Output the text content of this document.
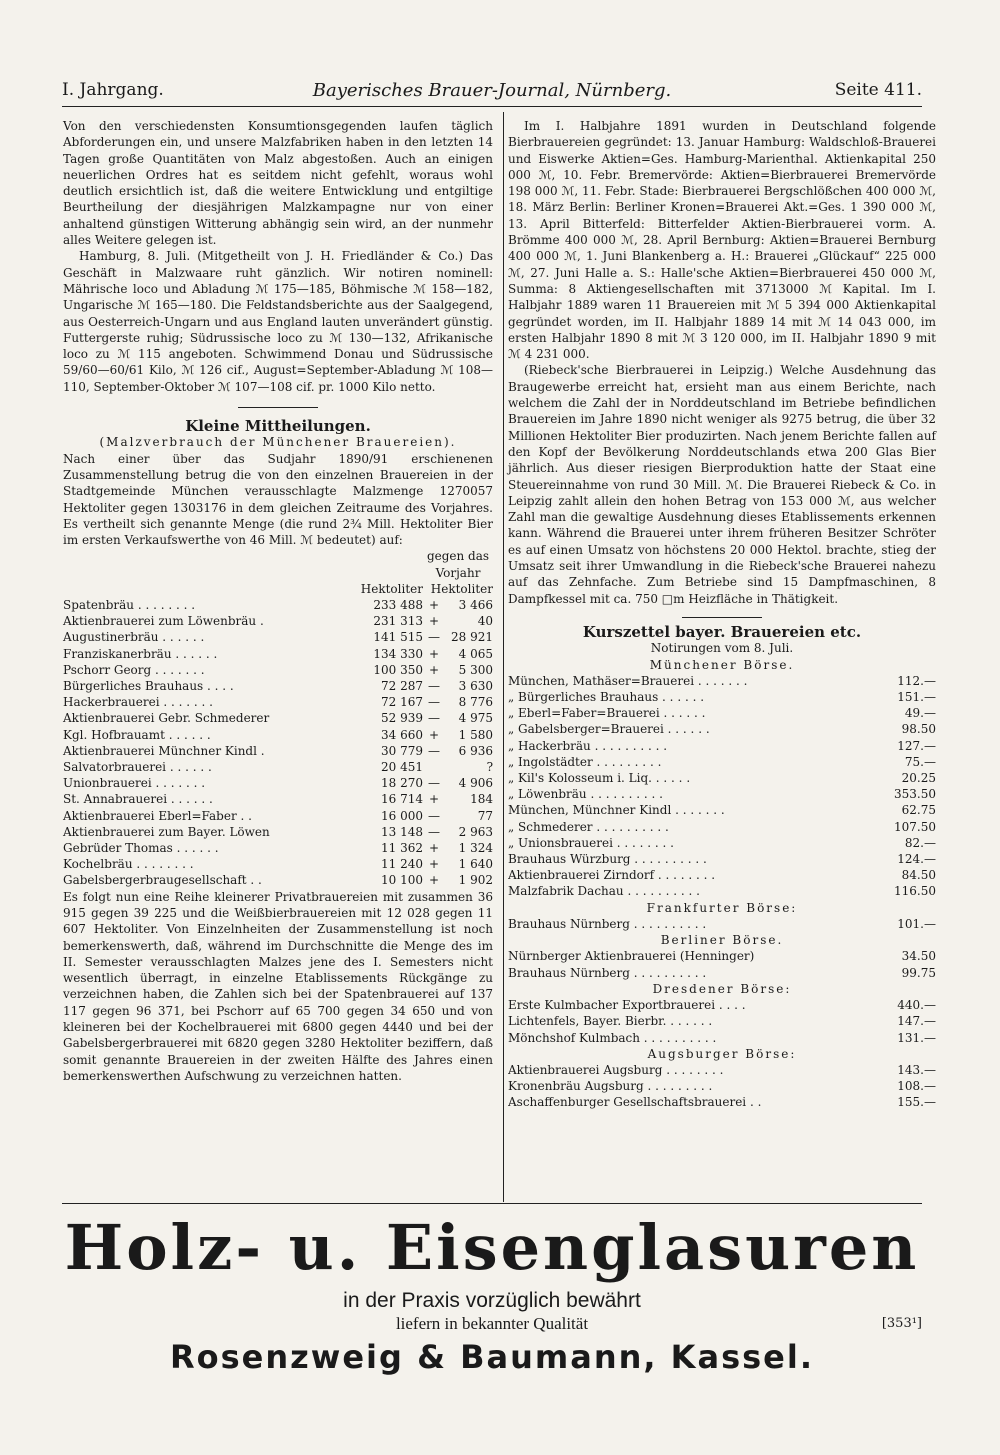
I. Jahrgang.	Bayerisches Brauer-Journal, Nürnberg.	Seite 411.

Von den verschiedensten Konsumtionsgegenden laufen täglich Abforderungen ein, und unsere Malzfabriken haben in den letzten 14 Tagen große Quantitäten von Malz abgestoßen. Auch an einigen neuerlichen Ordres hat es seitdem nicht gefehlt, woraus wohl deutlich ersichtlich ist, daß die weitere Entwicklung und entgiltige Beurtheilung der diesjährigen Malzkampagne nur von einer anhaltend günstigen Witterung abhängig sein wird, an der nunmehr alles Weitere gelegen ist.

Hamburg, 8. Juli. (Mitgetheilt von J. H. Friedländer & Co.) Das Geschäft in Malzwaare ruht gänzlich. Wir notiren nominell: Mährische loco und Abladung ℳ 175—185, Böhmische ℳ 158—182, Ungarische ℳ 165—180. Die Feldstandsberichte aus der Saalgegend, aus Oesterreich-Ungarn und aus England lauten unverändert günstig. Futtergerste ruhig; Südrussische loco zu ℳ 130—132, Afrikanische loco zu ℳ 115 angeboten. Schwimmend Donau und Südrussische 59/60—60/61 Kilo, ℳ 126 cif., August=September-Abladung ℳ 108—110, September-Oktober ℳ 107—108 cif. pr. 1000 Kilo netto.

Kleine Mittheilungen.

(Malzverbrauch der Münchener Brauereien).

Nach einer über das Sudjahr 1890/91 erschienenen Zusammenstellung betrug die von den einzelnen Brauereien in der Stadtgemeinde München verausschlagte Malzmenge 1270057 Hektoliter gegen 1303176 in dem gleichen Zeitraume des Vorjahres. Es vertheilt sich genannte Menge (die rund 2¾ Mill. Hektoliter Bier im ersten Verkaufswerthe von 46 Mill. ℳ bedeutet) auf:

		gegen das Vorjahr	
	Hektoliter	Hektoliter	
Spatenbräu . . . . . . . .	233 488	+	3 466
Aktienbrauerei zum Löwenbräu .	231 313	+	40
Augustinerbräu . . . . . .	141 515	—	28 921
Franziskanerbräu . . . . . .	134 330	+	4 065
Pschorr Georg . . . . . . .	100 350	+	5 300
Bürgerliches Brauhaus . . . .	72 287	—	3 630
Hackerbrauerei . . . . . . .	72 167	—	8 776
Aktienbrauerei Gebr. Schmederer	52 939	—	4 975
Kgl. Hofbrauamt . . . . . .	34 660	+	1 580
Aktienbrauerei Münchner Kindl .	30 779	—	6 936
Salvatorbrauerei . . . . . .	20 451		?
Unionbrauerei . . . . . . .	18 270	—	4 906
St. Annabrauerei . . . . . .	16 714	+	184
Aktienbrauerei Eberl=Faber . .	16 000	—	77
Aktienbrauerei zum Bayer. Löwen	13 148	—	2 963
Gebrüder Thomas . . . . . .	11 362	+	1 324
Kochelbräu . . . . . . . .	11 240	+	1 640
Gabelsbergerbraugesellschaft . .	10 100	+	1 902

Es folgt nun eine Reihe kleinerer Privatbrauereien mit zusammen 36 915 gegen 39 225 und die Weißbierbrauereien mit 12 028 gegen 11 607 Hektoliter. Von Einzelnheiten der Zusammenstellung ist noch bemerkenswerth, daß, während im Durchschnitte die Menge des im II. Semester verausschlagten Malzes jene des I. Semesters nicht wesentlich überragt, in einzelne Etablissements Rückgänge zu verzeichnen haben, die Zahlen sich bei der Spatenbrauerei auf 137 117 gegen 96 371, bei Pschorr auf 65 700 gegen 34 650 und von kleineren bei der Kochelbrauerei mit 6800 gegen 4440 und bei der Gabelsbergerbrauerei mit 6820 gegen 3280 Hektoliter beziffern, daß somit genannte Brauereien in der zweiten Hälfte des Jahres einen bemerkenswerthen Aufschwung zu verzeichnen hatten.

Im I. Halbjahre 1891 wurden in Deutschland folgende Bierbrauereien gegründet: 13. Januar Hamburg: Waldschloß-Brauerei und Eiswerke Aktien=Ges. Hamburg-Marienthal. Aktienkapital 250 000 ℳ, 10. Febr. Bremervörde: Aktien=Bierbrauerei Bremervörde 198 000 ℳ, 11. Febr. Stade: Bierbrauerei Bergschlößchen 400 000 ℳ, 18. März Berlin: Berliner Kronen=Brauerei Akt.=Ges. 1 390 000 ℳ, 13. April Bitterfeld: Bitterfelder Aktien-Bierbrauerei vorm. A. Brömme 400 000 ℳ, 28. April Bernburg: Aktien=Brauerei Bernburg 400 000 ℳ, 1. Juni Blankenberg a. H.: Brauerei „Glückauf“ 225 000 ℳ, 27. Juni Halle a. S.: Halle'sche Aktien=Bierbrauerei 450 000 ℳ, Summa: 8 Aktiengesellschaften mit 3713000 ℳ Kapital. Im I. Halbjahr 1889 waren 11 Brauereien mit ℳ 5 394 000 Aktienkapital gegründet worden, im II. Halbjahr 1889 14 mit ℳ 14 043 000, im ersten Halbjahr 1890 8 mit ℳ 3 120 000, im II. Halbjahr 1890 9 mit ℳ 4 231 000.

(Riebeck'sche Bierbrauerei in Leipzig.) Welche Ausdehnung das Braugewerbe erreicht hat, ersieht man aus einem Berichte, nach welchem die Zahl der in Norddeutschland im Betriebe befindlichen Brauereien im Jahre 1890 nicht weniger als 9275 betrug, die über 32 Millionen Hektoliter Bier produzirten. Nach jenem Berichte fallen auf den Kopf der Bevölkerung Norddeutschlands etwa 200 Glas Bier jährlich. Aus dieser riesigen Bierproduktion hatte der Staat eine Steuereinnahme von rund 30 Mill. ℳ. Die Brauerei Riebeck & Co. in Leipzig zahlt allein den hohen Betrag von 153 000 ℳ, aus welcher Zahl man die gewaltige Ausdehnung dieses Etablissements erkennen kann. Während die Brauerei unter ihrem früheren Besitzer Schröter es auf einen Umsatz von höchstens 20 000 Hektol. brachte, stieg der Umsatz seit ihrer Umwandlung in die Riebeck'sche Brauerei nahezu auf das Zehnfache. Zum Betriebe sind 15 Dampfmaschinen, 8 Dampfkessel mit ca. 750 □m Heizfläche in Thätigkeit.

Kurszettel bayer. Brauereien etc.

Notirungen vom 8. Juli.

Münchener Börse.

München, Mathäser=Brauerei . . . . . . .	112.—
„ Bürgerliches Brauhaus . . . . . .	151.—
„ Eberl=Faber=Brauerei . . . . . .	49.—
„ Gabelsberger=Brauerei . . . . . .	98.50
„ Hackerbräu . . . . . . . . . .	127.—
„ Ingolstädter . . . . . . . . .	75.—
„ Kil's Kolosseum i. Liq. . . . . .	20.25
„ Löwenbräu . . . . . . . . . .	353.50
München, Münchner Kindl . . . . . . .	62.75
„ Schmederer . . . . . . . . . .	107.50
„ Unionsbrauerei . . . . . . . .	82.—
Brauhaus Würzburg . . . . . . . . . .	124.—
Aktienbrauerei Zirndorf . . . . . . . .	84.50
Malzfabrik Dachau . . . . . . . . . .	116.50

Frankfurter Börse:

Brauhaus Nürnberg . . . . . . . . . .	101.—

Berliner Börse.

Nürnberger Aktienbrauerei (Henninger)	34.50
Brauhaus Nürnberg . . . . . . . . . .	99.75

Dresdener Börse:

Erste Kulmbacher Exportbrauerei . . . .	440.—
Lichtenfels, Bayer. Bierbr. . . . . . .	147.—
Mönchshof Kulmbach . . . . . . . . . .	131.—

Augsburger Börse:

Aktienbrauerei Augsburg . . . . . . . .	143.—
Kronenbräu Augsburg . . . . . . . . .	108.—
Aschaffenburger Gesellschaftsbrauerei . .	155.—
Holz- u. Eisenglasuren
in der Praxis vorzüglich bewährt
liefern in bekannter Qualität	[353¹]
Rosenzweig & Baumann, Kassel.
